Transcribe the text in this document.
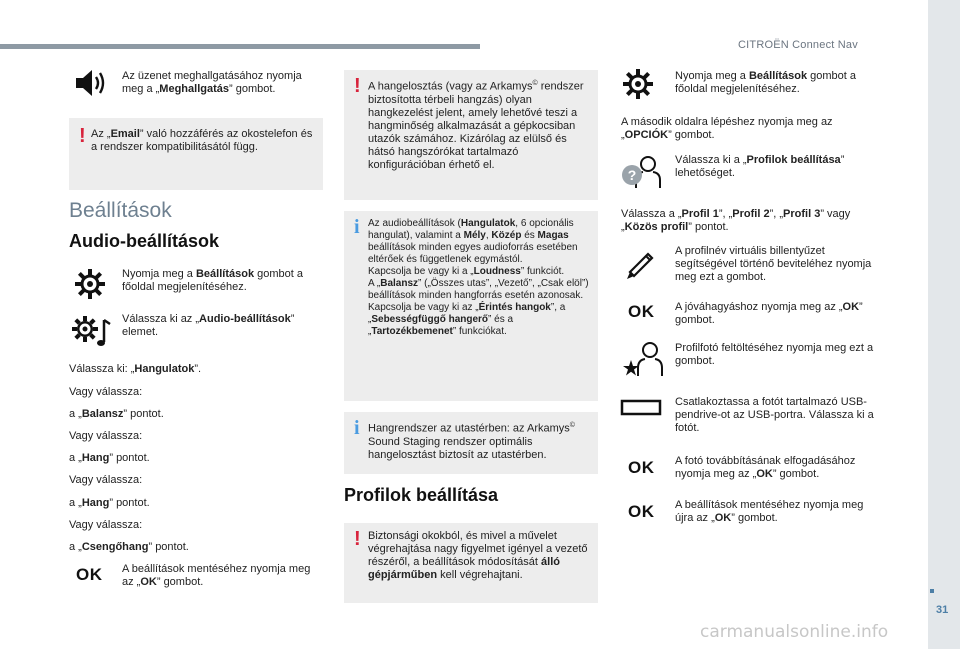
CITROËN Connect Nav
31
Az üzenet meghallgatásához nyomja meg a „Meghallgatás” gombot.
! Az „Email” való hozzáférés az okostelefon és a rendszer kompatibilitásától függ.
Beállítások
Audio-beállítások
Nyomja meg a Beállítások gombot a főoldal megjelenítéséhez.
Válassza ki az „Audio-beállítások” elemet.
Válassza ki: „Hangulatok”.
Vagy válassza:
a „Balansz” pontot.
Vagy válassza:
a „Hang” pontot.
Vagy válassza:
a „Hang” pontot.
Vagy válassza:
a „Csengőhang” pontot.
OK A beállítások mentéséhez nyomja meg az „OK” gombot.
! A hangelosztás (vagy az Arkamys© rendszer biztosította térbeli hangzás) olyan hangkezelést jelent, amely lehetővé teszi a hangminőség alkalmazását a gépkocsiban utazók számához. Kizárólag az elülső és hátsó hangszórókat tartalmazó konfigurációban érhető el.
i Az audiobeállítások (Hangulatok, 6 opcionális hangulat), valamint a Mély, Közép és Magas beállítások minden egyes audioforrás esetében eltérőek és függetlenek egymástól.
Kapcsolja be vagy ki a „Loudness” funkciót.
A „Balansz” („Összes utas”, „Vezető”, „Csak elöl”) beállítások minden hangforrás esetén azonosak.
Kapcsolja be vagy ki az „Érintés hangok”, a „Sebességfüggő hangerő” és a „Tartozékbemenet” funkciókat.
i Hangrendszer az utastérben: az Arkamys© Sound Staging rendszer optimális hangelosztást biztosít az utastérben.
Profilok beállítása
! Biztonsági okokból, és mivel a művelet végrehajtása nagy figyelmet igényel a vezető részéről, a beállítások módosítását álló gépjárműben kell végrehajtani.
Nyomja meg a Beállítások gombot a főoldal megjelenítéséhez.
A második oldalra lépéshez nyomja meg az „OPCIÓK” gombot.
?
Válassza ki a „Profilok beállítása” lehetőséget.
Válassza a „Profil 1”, „Profil 2”, „Profil 3” vagy „Közös profil” pontot.
A profilnév virtuális billentyűzet segítségével történő beviteléhez nyomja meg ezt a gombot.
OK A jóváhagyáshoz nyomja meg az „OK” gombot.
Profilfotó feltöltéséhez nyomja meg ezt a gombot.
Csatlakoztassa a fotót tartalmazó USB-pendrive-ot az USB-portra. Válassza ki a fotót.
OK A fotó továbbításának elfogadásához nyomja meg az „OK” gombot.
OK A beállítások mentéséhez nyomja meg újra az „OK” gombot.
carmanualsonline.info
